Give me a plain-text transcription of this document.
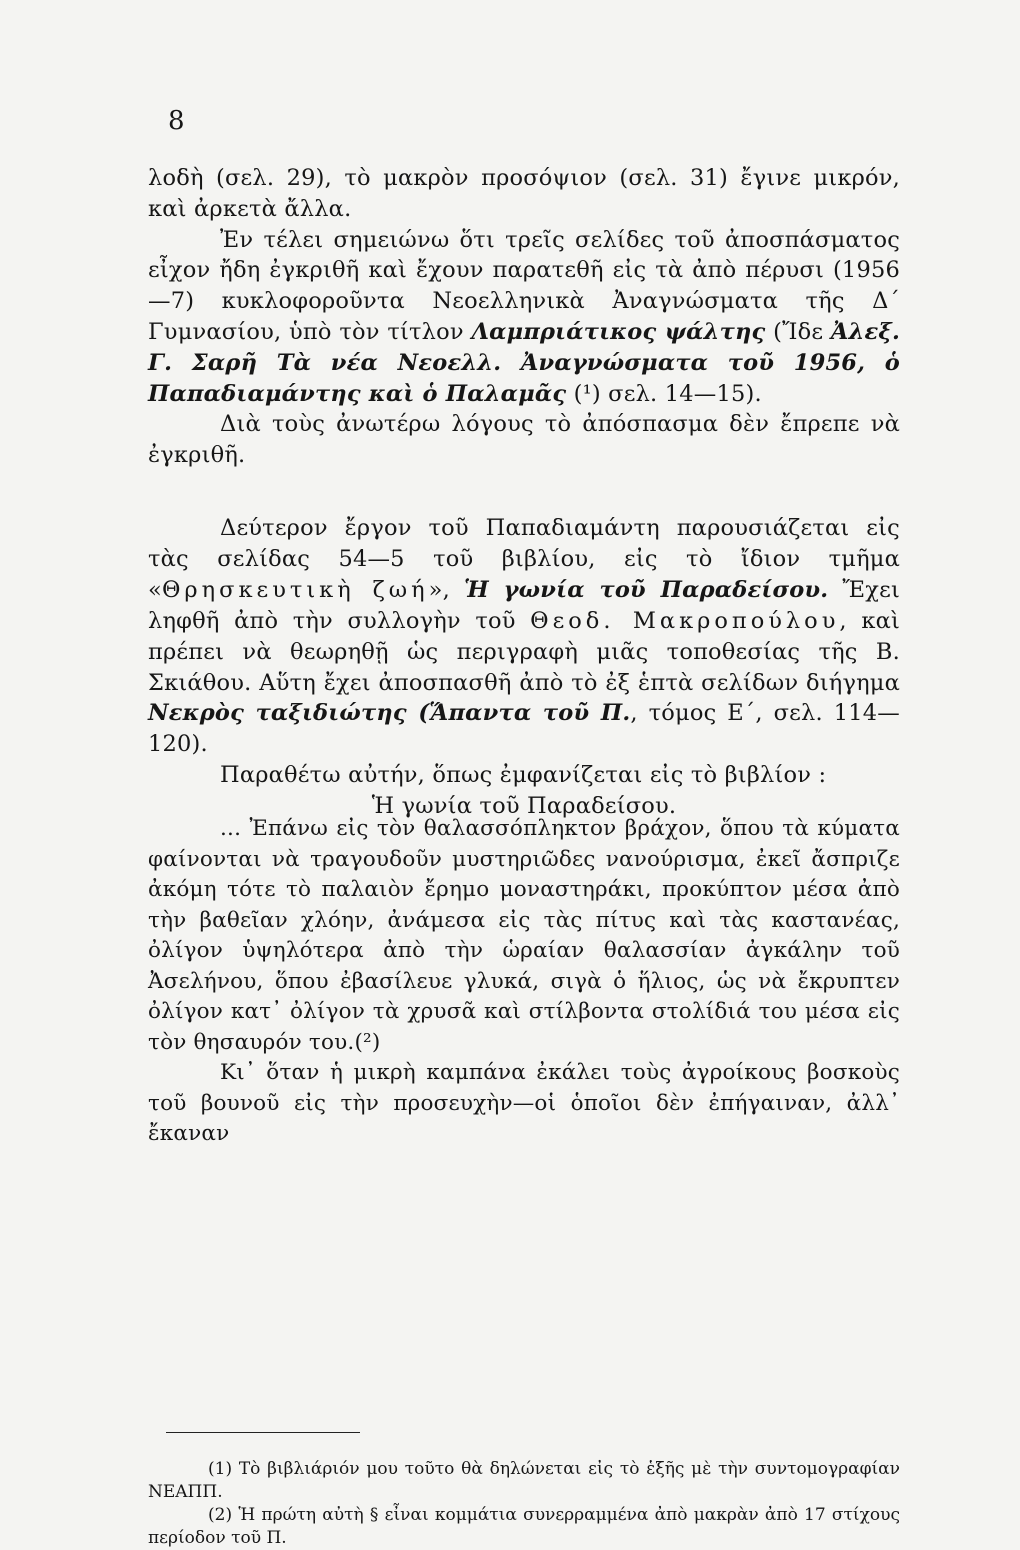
8

λοδὴ (σελ. 29), τὸ μακρὸν προσόψιον (σελ. 31) ἔγινε μικρόν, καὶ ἀρκετὰ ἄλλα.

Ἐν τέλει σημειώνω ὅτι τρεῖς σελίδες τοῦ ἀποσπάσματος εἶχον ἤδη ἐγκριθῆ καὶ ἔχουν παρατεθῆ εἰς τὰ ἀπὸ πέρυσι (1956—7) κυκλοφοροῦντα Νεοελληνικὰ Ἀναγνώσματα τῆς Δ΄ Γυμνασίου, ὑπὸ τὸν τίτλον Λαμπριάτικος ψάλτης (Ἴδε Ἀλεξ. Γ. Σαρῆ Τὰ νέα Νεοελλ. Ἀναγνώσματα τοῦ 1956, ὁ Παπαδιαμάντης καὶ ὁ Παλαμᾶς (¹) σελ. 14—15).

Διὰ τοὺς ἀνωτέρω λόγους τὸ ἀπόσπασμα δὲν ἔπρεπε νὰ ἐγκριθῆ.

Δεύτερον ἔργον τοῦ Παπαδιαμάντη παρουσιάζεται εἰς τὰς σελίδας 54—5 τοῦ βιβλίου, εἰς τὸ ἴδιον τμῆμα «Θρησκευτικὴ ζωή», Ἡ γωνία τοῦ Παραδείσου. Ἔχει ληφθῆ ἀπὸ τὴν συλλογὴν τοῦ Θεοδ. Μακροπούλου, καὶ πρέπει νὰ θεωρηθῇ ὡς περιγραφὴ μιᾶς τοποθεσίας τῆς Β. Σκιάθου. Αὕτη ἔχει ἀποσπασθῆ ἀπὸ τὸ ἐξ ἑπτὰ σελίδων διήγημα Νεκρὸς ταξιδιώτης (Ἅπαντα τοῦ Π., τόμος Ε΄, σελ. 114—120).

Παραθέτω αὐτήν, ὅπως ἐμφανίζεται εἰς τὸ βιβλίον :

Ἡ γωνία τοῦ Παραδείσου.

... Ἐπάνω εἰς τὸν θαλασσόπληκτον βράχον, ὅπου τὰ κύματα φαίνονται νὰ τραγουδοῦν μυστηριῶδες νανούρισμα, ἐκεῖ ἄσπριζε ἀκόμη τότε τὸ παλαιὸν ἔρημο μοναστηράκι, προκύπτον μέσα ἀπὸ τὴν βαθεῖαν χλόην, ἀνάμεσα εἰς τὰς πίτυς καὶ τὰς καστανέας, ὀλίγον ὑψηλότερα ἀπὸ τὴν ὡραίαν θαλασσίαν ἀγκάλην τοῦ Ἀσελήνου, ὅπου ἐβασίλευε γλυκά, σιγὰ ὁ ἥλιος, ὡς νὰ ἔκρυπτεν ὀλίγον κατ᾽ ὀλίγον τὰ χρυσᾶ καὶ στίλβοντα στολίδιά του μέσα εἰς τὸν θησαυρόν του.(²)

Κι᾽ ὅταν ἡ μικρὴ καμπάνα ἐκάλει τοὺς ἀγροίκους βοσκοὺς τοῦ βουνοῦ εἰς τὴν προσευχὴν—οἱ ὁποῖοι δὲν ἐπήγαιναν, ἀλλ᾽ ἔκαναν

(1) Τὸ βιβλιάριόν μου τοῦτο θὰ δηλώνεται εἰς τὸ ἑξῆς μὲ τὴν συντομογραφίαν ΝΕΑΠΠ.

(2) Ἡ πρώτη αὐτὴ § εἶναι κομμάτια συνερραμμένα ἀπὸ μακρὰν ἀπὸ 17 στίχους περίοδον τοῦ Π.
